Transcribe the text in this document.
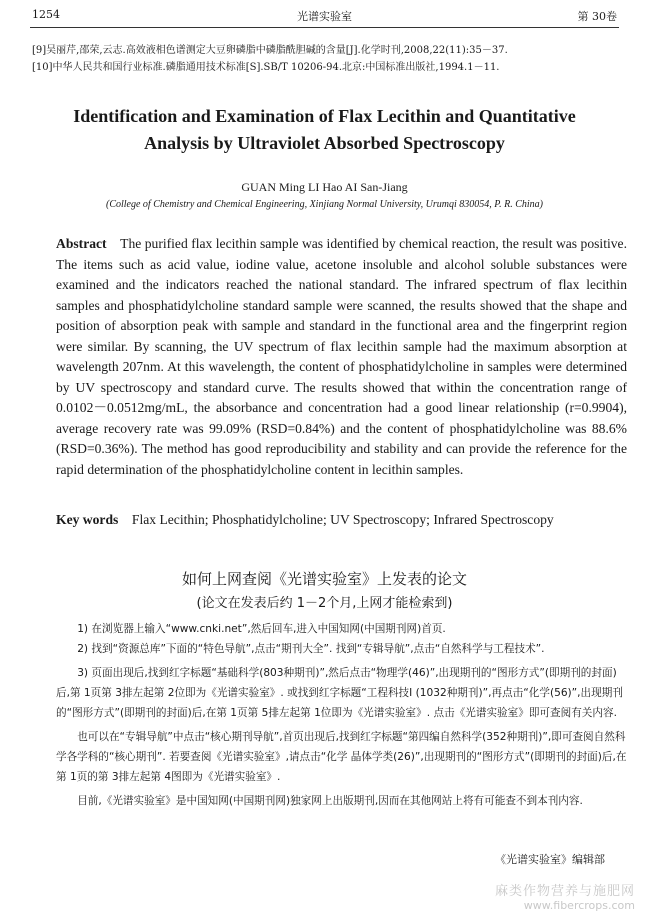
1254	光谱实验室	第 30卷
[9]吴丽芹,邵荣,云志.高效液相色谱测定大豆卵磷脂中磷脂酰胆碱的含量[J].化学时刊,2008,22(11):35－37.
[10]中华人民共和国行业标准.磷脂通用技术标准[S].SB/T 10206-94.北京:中国标准出版社,1994.1－11.
Identification and Examination of Flax Lecithin and Quantitative
Analysis by Ultraviolet Absorbed Spectroscopy
GUAN Ming LI Hao AI San-Jiang
(College of Chemistry and Chemical Engineering, Xinjiang Normal University, Urumqi 830054, P. R. China)
Abstract The purified flax lecithin sample was identified by chemical reaction, the result was positive. The items such as acid value, iodine value, acetone insoluble and alcohol soluble substances were examined and the indicators reached the national standard. The infrared spectrum of flax lecithin samples and phosphatidylcholine standard sample were scanned, the results showed that the shape and position of absorption peak with sample and standard in the functional area and the fingerprint region were similar. By scanning, the UV spectrum of flax lecithin sample had the maximum absorption at wavelength 207nm. At this wavelength, the content of phosphatidylcholine in samples were determined by UV spectroscopy and standard curve. The results showed that within the concentration range of 0.0102－0.0512mg/mL, the absorbance and concentration had a good linear relationship (r=0.9904), average recovery rate was 99.09% (RSD=0.84%) and the content of phosphatidylcholine was 88.6% (RSD=0.36%). The method has good reproducibility and stability and can provide the reference for the rapid determination of the phosphatidylcholine content in lecithin samples.
Key words Flax Lecithin; Phosphatidylcholine; UV Spectroscopy; Infrared Spectroscopy
如何上网查阅《光谱实验室》上发表的论文
(论文在发表后约 1－2个月,上网才能检索到)

1) 在浏览器上输入“www.cnki.net”,然后回车,进入中国知网(中国期刊网)首页.

2) 找到“资源总库”下面的“特色导航”,点击“期刊大全”. 找到“专辑导航”,点击“自然科学与工程技术”.

3) 页面出现后,找到红字标题“基础科学(803种期刊)”,然后点击“物理学(46)”,出现期刊的“图形方式”(即期刊的封面)后,第 1页第 3排左起第 2位即为《光谱实验室》. 或找到红字标题“工程科技Ⅰ (1032种期刊)”,再点击“化学(56)”,出现期刊的“图形方式”(即期刊的封面)后,在第 1页第 5排左起第 1位即为《光谱实验室》. 点击《光谱实验室》即可查阅有关内容.

也可以在“专辑导航”中点击“核心期刊导航”,首页出现后,找到红字标题“第四编自然科学(352种期刊)”,即可查阅自然科学各学科的“核心期刊”. 若要查阅《光谱实验室》,请点击“化学 晶体学类(26)”,出现期刊的“图形方式”(即期刊的封面)后,在第 1页的第 3排左起第 4图即为《光谱实验室》.

目前,《光谱实验室》是中国知网(中国期刊网)独家网上出版期刊,因而在其他网站上将有可能查不到本刊内容.

《光谱实验室》编辑部
麻类作物营养与施肥网
www.fibercrops.com
